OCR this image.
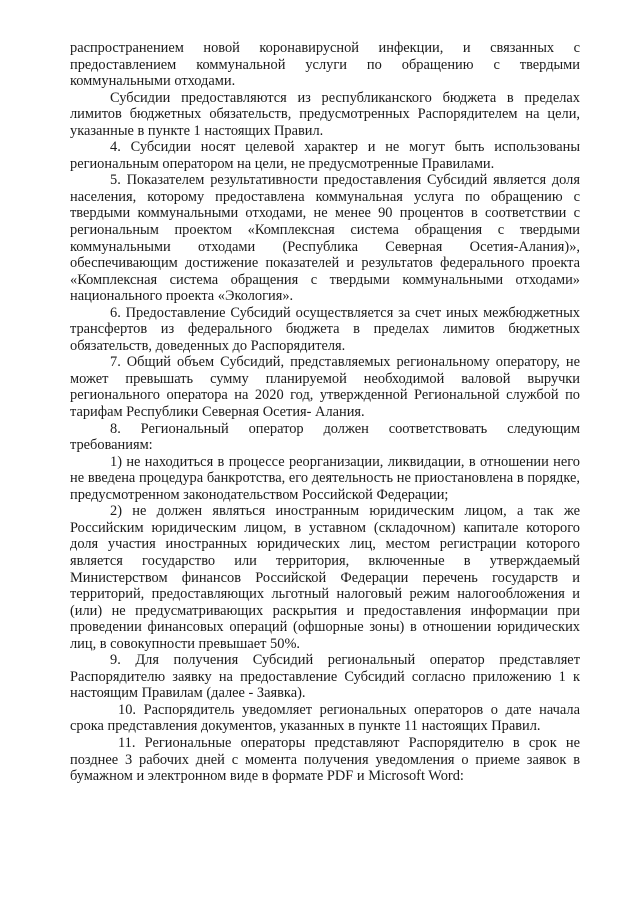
распространением новой коронавирусной инфекции, и связанных с предоставлением коммунальной услуги по обращению с твердыми коммунальными отходами.

Субсидии предоставляются из республиканского бюджета в пределах лимитов бюджетных обязательств, предусмотренных Распорядителем на цели, указанные в пункте 1 настоящих Правил.

4. Субсидии носят целевой характер и не могут быть использованы региональным оператором на цели, не предусмотренные Правилами.

5. Показателем результативности предоставления Субсидий является доля населения, которому предоставлена коммунальная услуга по обращению с твердыми коммунальными отходами, не менее 90 процентов в соответствии с региональным проектом «Комплексная система обращения с твердыми коммунальными отходами (Республика Северная Осетия-Алания)», обеспечивающим достижение показателей и результатов федерального проекта «Комплексная система обращения с твердыми коммунальными отходами» национального проекта «Экология».

6. Предоставление Субсидий осуществляется за счет иных межбюджетных трансфертов из федерального бюджета в пределах лимитов бюджетных обязательств, доведенных до Распорядителя.

7. Общий объем Субсидий, представляемых региональному оператору, не может превышать сумму планируемой необходимой валовой выручки регионального оператора на 2020 год, утвержденной Региональной службой по тарифам Республики Северная Осетия- Алания.

8. Региональный оператор должен соответствовать следующим требованиям:

1) не находиться в процессе реорганизации, ликвидации, в отношении него не введена процедура банкротства, его деятельность не приостановлена в порядке, предусмотренном законодательством Российской Федерации;

2) не должен являться иностранным юридическим лицом, а так же Российским юридическим лицом, в уставном (складочном) капитале которого доля участия иностранных юридических лиц, местом регистрации которого является государство или территория, включенные в утверждаемый Министерством финансов Российской Федерации перечень государств и территорий, предоставляющих льготный налоговый режим налогообложения и (или) не предусматривающих раскрытия и предоставления информации при проведении финансовых операций (офшорные зоны) в отношении юридических лиц, в совокупности превышает 50%.

9. Для получения Субсидий региональный оператор представляет Распорядителю заявку на предоставление Субсидий согласно приложению 1 к настоящим Правилам (далее - Заявка).

10. Распорядитель уведомляет региональных операторов о дате начала срока представления документов, указанных в пункте 11 настоящих Правил.

11. Региональные операторы представляют Распорядителю в срок не позднее 3 рабочих дней с момента получения уведомления о приеме заявок в бумажном и электронном виде в формате PDF и Microsoft Word:
